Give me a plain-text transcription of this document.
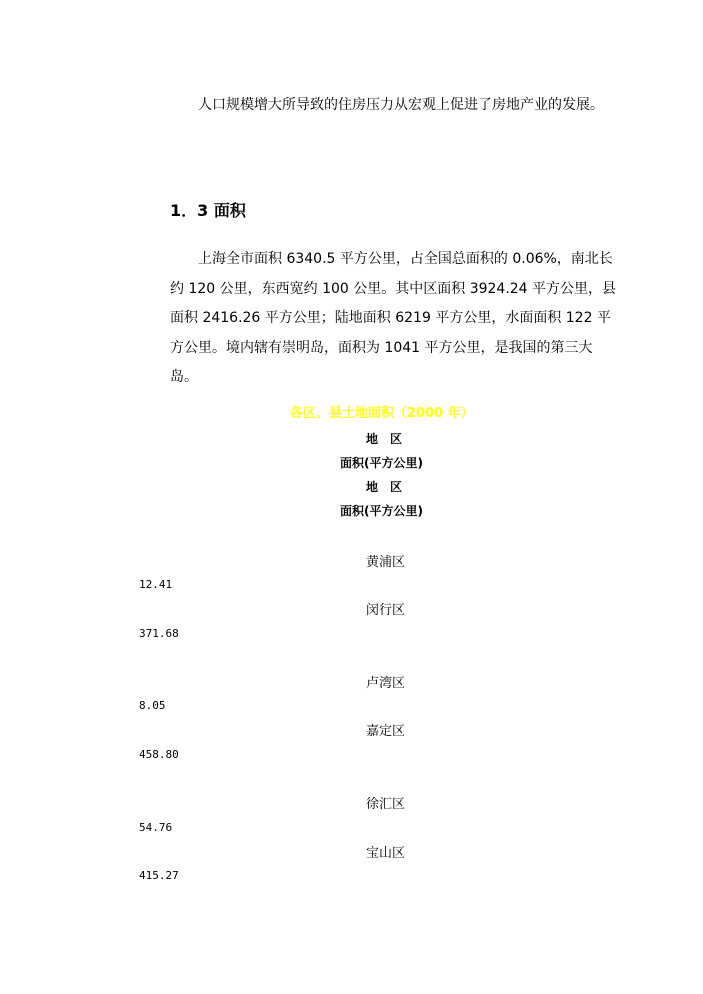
人口规模增大所导致的住房压力从宏观上促进了房地产业的发展。
1．3 面积
上海全市面积 6340.5 平方公里，占全国总面积的 0.06%，南北长
约 120 公里，东西宽约 100 公里。其中区面积 3924.24 平方公里，县
面积 2416.26 平方公里；陆地面积 6219 平方公里，水面面积 122 平
方公里。境内辖有崇明岛，面积为 1041 平方公里，是我国的第三大
岛。
各区、县土地面积（2000 年）
地　区
面积(平方公里)
地　区
面积(平方公里)
黄浦区
12.41
闵行区
371.68
卢湾区
8.05
嘉定区
458.80
徐汇区
54.76
宝山区
415.27
